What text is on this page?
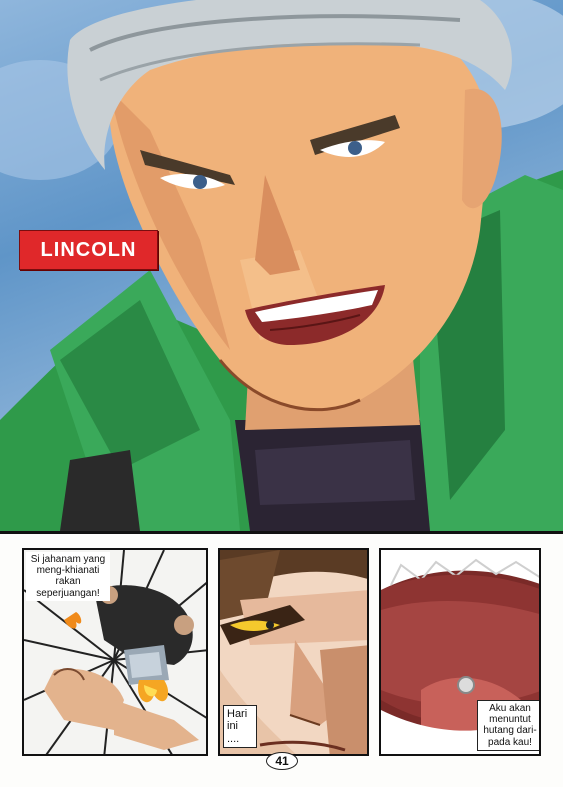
LINCOLN
Si jahanam yang meng-khianati rakan seperjuangan!
Hari ini ....
Aku akan menuntut hutang dari-pada kau!
41
